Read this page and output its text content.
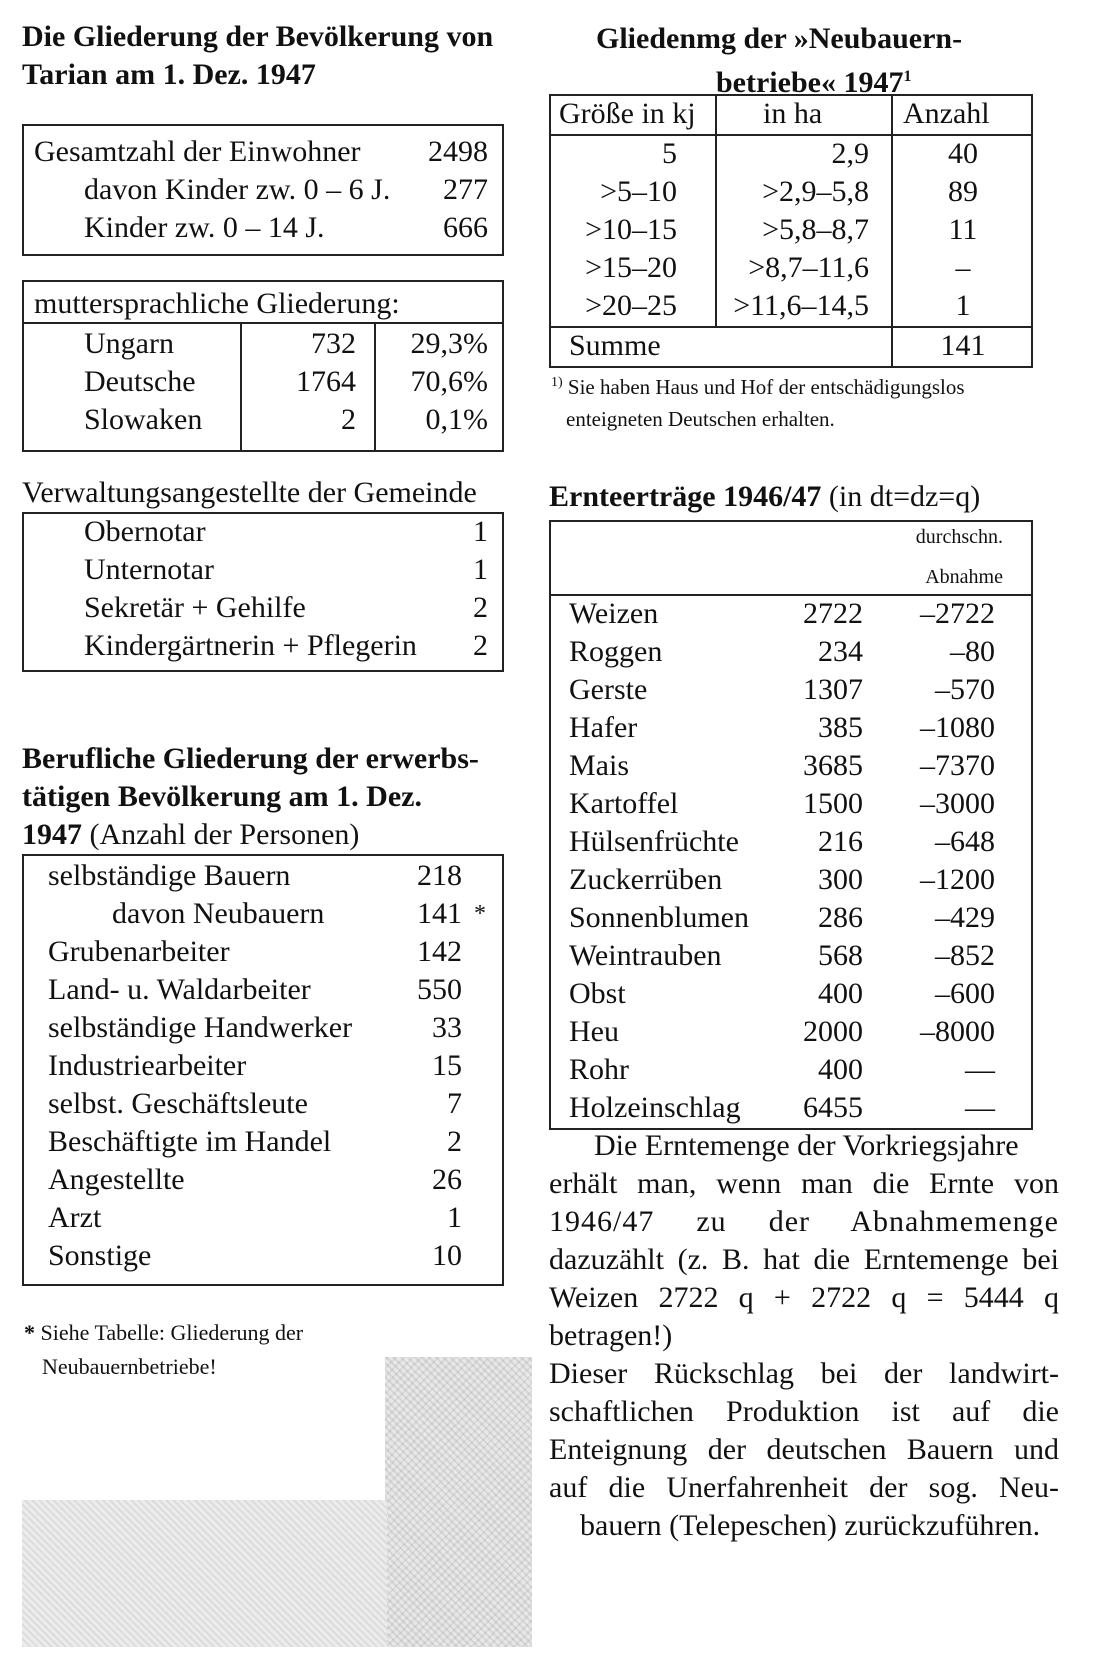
Die Gliederung der Bevölkerung von
Tarian am 1. Dez. 1947
Gesamtzahl der Einwohner 2498
davon Kinder zw. 0 – 6 J. 277
Kinder zw. 0 – 14 J.	666
muttersprachliche Gliederung:
Ungarn	732 29,3%
Deutsche	1764 70,6%
Slowaken	2 0,1%
Verwaltungsangestellte der Gemeinde
Obernotar	1
Unternotar	1
Sekretär + Gehilfe	2
Kindergärtnerin + Pflegerin 2
Berufliche Gliederung der erwerbs-
tätigen Bevölkerung am 1. Dez.
1947 (Anzahl der Personen)
selbständige Bauern	218
davon Neubauern	141 *
Grubenarbeiter	142
Land- u. Waldarbeiter	550
selbständige Handwerker	33
Industriearbeiter	15
selbst. Geschäftsleute	7
Beschäftigte im Handel	2
Angestellte	26
Arzt	1
Sonstige	10
* Siehe Tabelle: Gliederung der
Neubauernbetriebe!
Gliedenmg der »Neubauern-
betriebe« 1947$^1$
Größe in kj in ha	Anzahl
5	2,9	40
>5–10	>2,9–5,8	89
>10–15	>5,8–8,7	11
>15–20	>8,7–11,6	–
>20–25	>11,6–14,5	1
Summe	141
$^{1)}$ Sie haben Haus und Hof der entschädigungslos
enteigneten Deutschen erhalten.
Ernteerträge 1946/47 (in dt=dz=q)
durchschn.
Abnahme
Weizen	2722 –2722
Roggen	234	–80
Gerste	1307 –570
Hafer	385 –1080
Mais	3685 –7370
Kartoffel	1500 –3000
Hülsenfrüchte	216 –648
Zuckerrüben	300 –1200
Sonnenblumen	286 –429
Weintrauben	568 –852
Obst	400 –600
Heu	2000 –8000
Rohr	400	—
Holzeinschlag	6455	—
Die Erntemenge der Vorkriegsjahre
erhält man, wenn man die Ernte von
1946/47 zu der Abnahmemenge
dazuzählt (z. B. hat die Erntemenge bei
Weizen 2722 q + 2722 q = 5444 q
betragen!)
Dieser Rückschlag bei der landwirt-
schaftlichen Produktion ist auf die
Enteignung der deutschen Bauern und
auf die Unerfahrenheit der sog. Neu-
bauern (Telepeschen) zurückzuführen.
